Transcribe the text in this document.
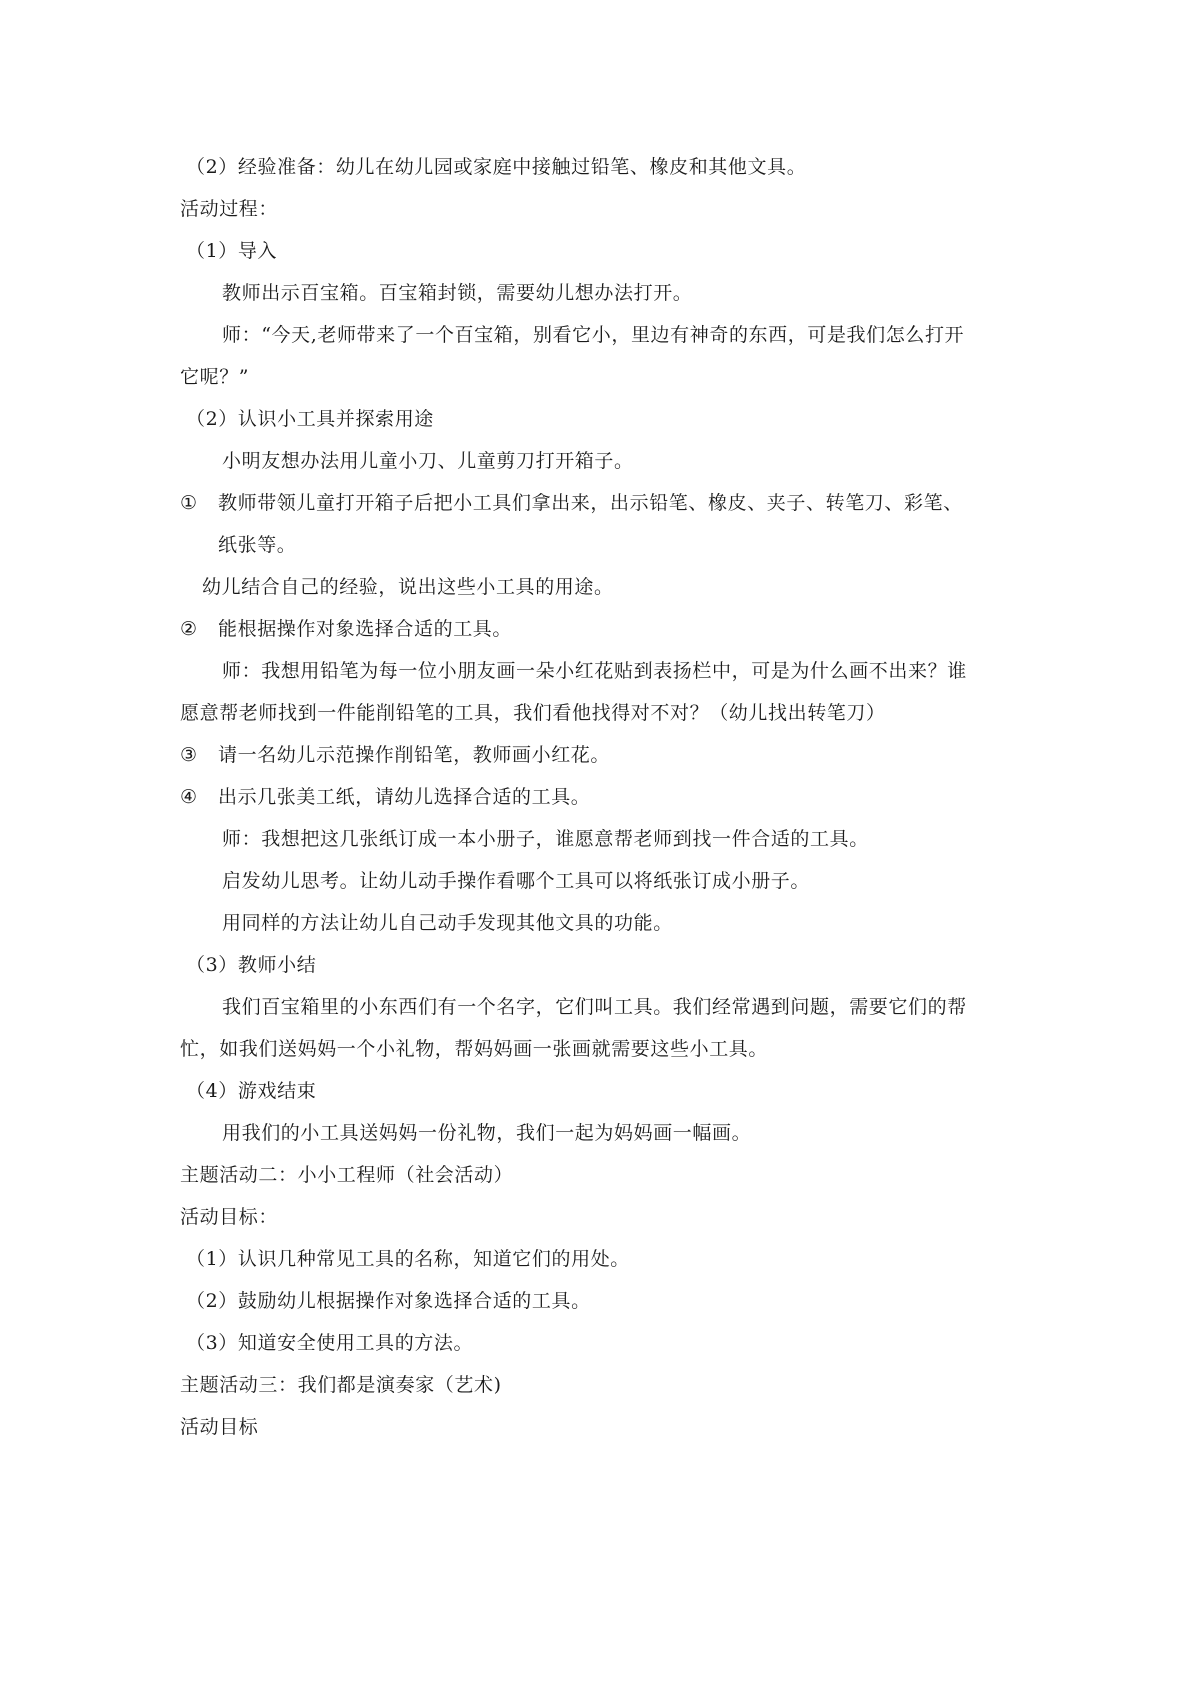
（2）经验准备：幼儿在幼儿园或家庭中接触过铅笔、橡皮和其他文具。
活动过程：
（1）导入
教师出示百宝箱。百宝箱封锁，需要幼儿想办法打开。
师：“今天,老师带来了一个百宝箱，别看它小，里边有神奇的东西，可是我们怎么打开
它呢？”
（2）认识小工具并探索用途
小明友想办法用儿童小刀、儿童剪刀打开箱子。
① 教师带领儿童打开箱子后把小工具们拿出来，出示铅笔、橡皮、夹子、转笔刀、彩笔、
纸张等。
幼儿结合自己的经验，说出这些小工具的用途。
② 能根据操作对象选择合适的工具。
师：我想用铅笔为每一位小朋友画一朵小红花贴到表扬栏中，可是为什么画不出来？谁
愿意帮老师找到一件能削铅笔的工具，我们看他找得对不对？（幼儿找出转笔刀）
③ 请一名幼儿示范操作削铅笔，教师画小红花。
④ 出示几张美工纸，请幼儿选择合适的工具。
师：我想把这几张纸订成一本小册子，谁愿意帮老师到找一件合适的工具。
启发幼儿思考。让幼儿动手操作看哪个工具可以将纸张订成小册子。
用同样的方法让幼儿自己动手发现其他文具的功能。
（3）教师小结
我们百宝箱里的小东西们有一个名字，它们叫工具。我们经常遇到问题，需要它们的帮
忙，如我们送妈妈一个小礼物，帮妈妈画一张画就需要这些小工具。
（4）游戏结束
用我们的小工具送妈妈一份礼物，我们一起为妈妈画一幅画。
主题活动二：小小工程师（社会活动）
活动目标：
（1）认识几种常见工具的名称，知道它们的用处。
（2）鼓励幼儿根据操作对象选择合适的工具。
（3）知道安全使用工具的方法。
主题活动三：我们都是演奏家（艺术)
活动目标
